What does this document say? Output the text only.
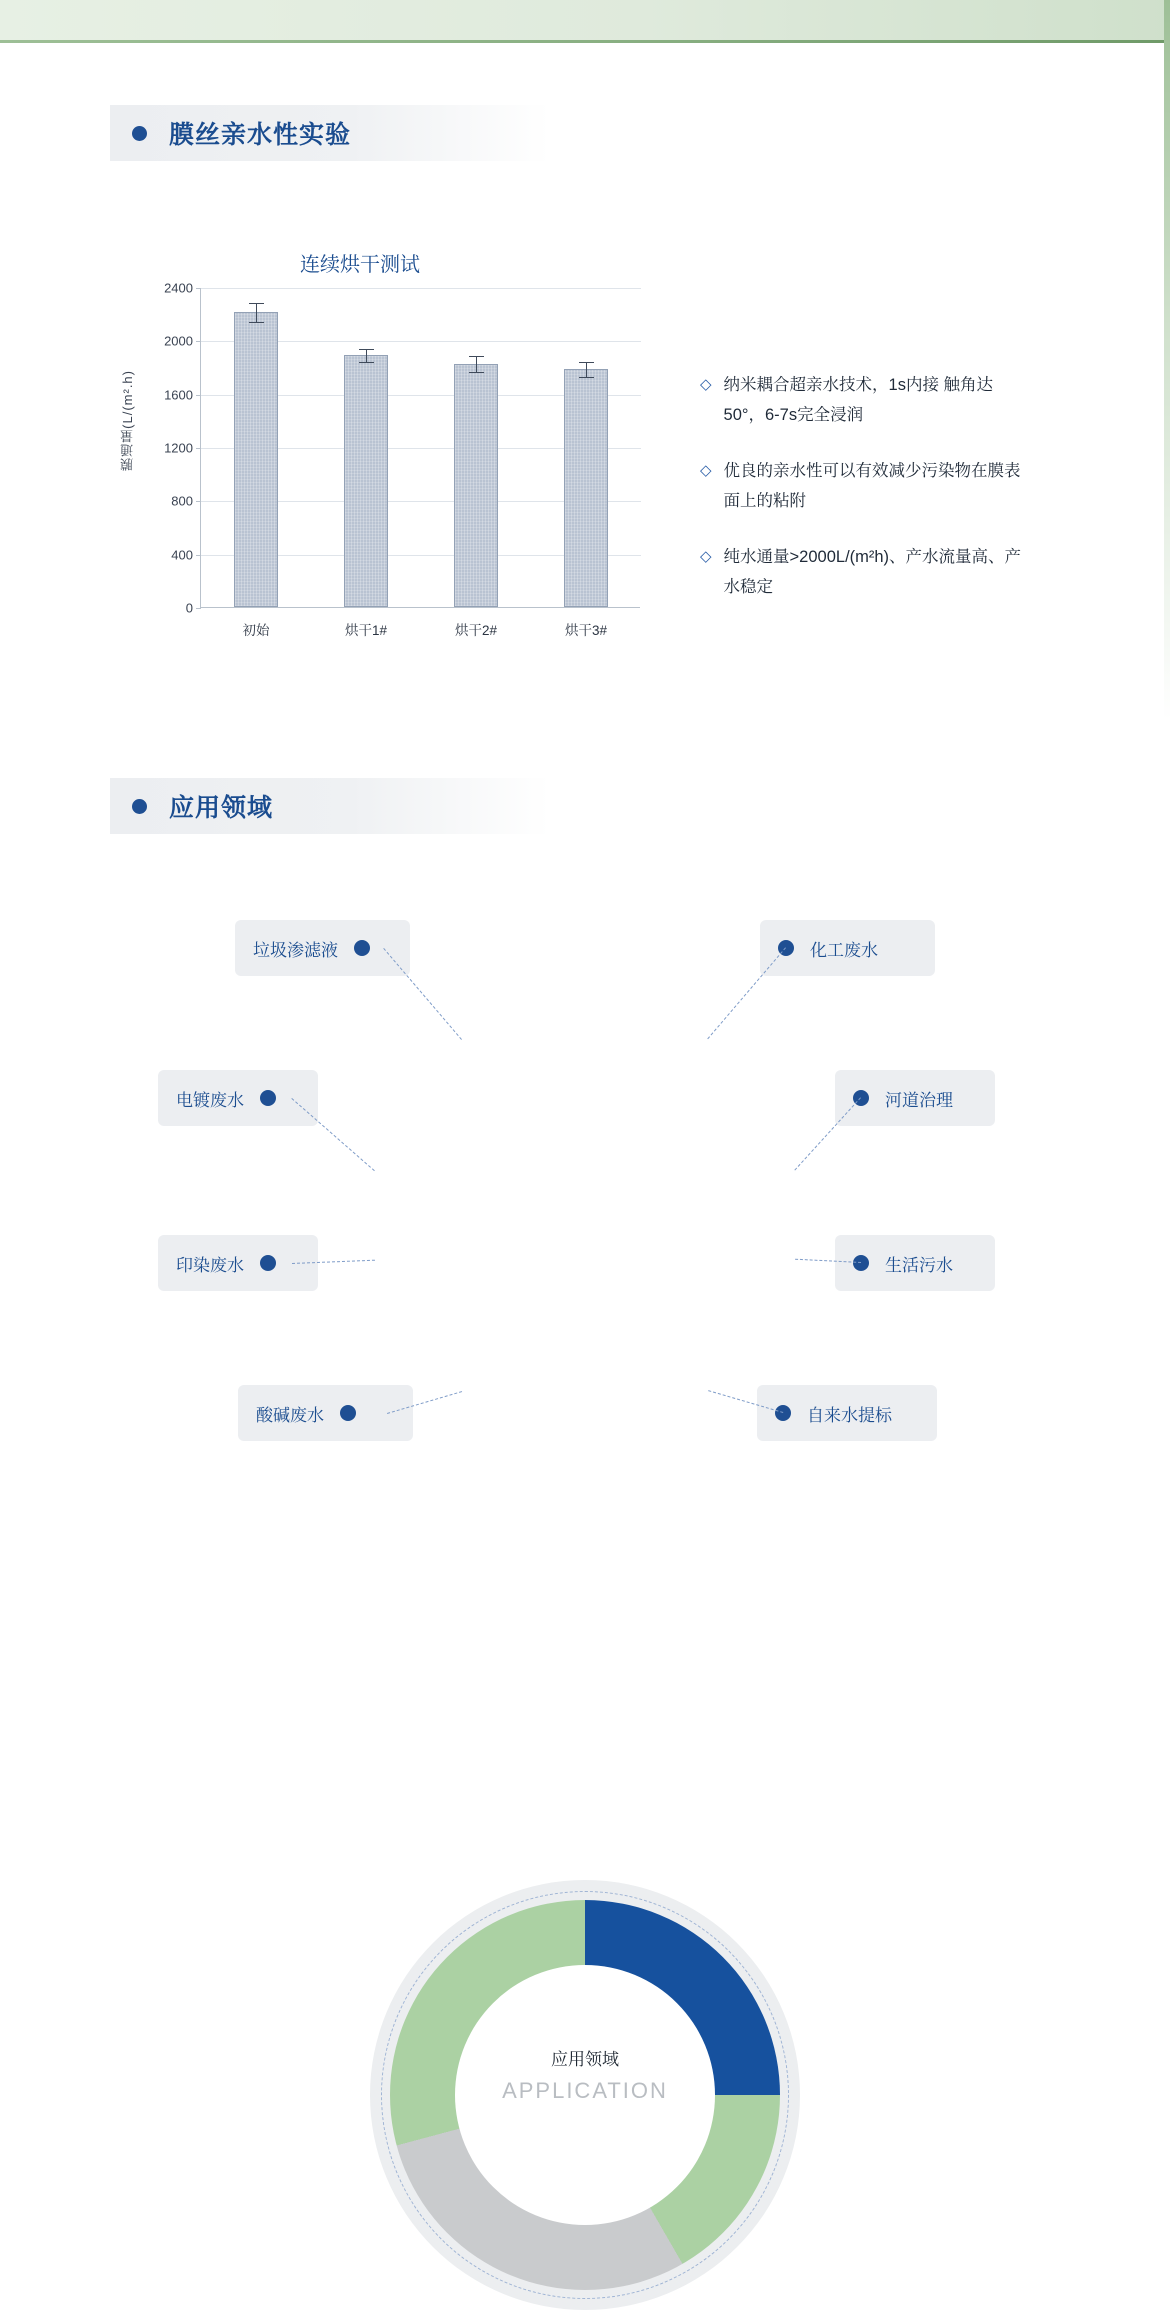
膜丝亲水性实验
连续烘干测试
膜通量(L/(m².h)
0
400
800
1200
1600
2000
2400
初始	烘干1#	烘干2#	烘干3#
◇ 纳米耦合超亲水技术，1s内接 触角达50°，6-7s完全浸润
◇ 优良的亲水性可以有效减少污染物在膜表面上的粘附
◇ 纯水通量>2000L/(m²h)、产水流量高、产水稳定
应用领域
应用领域
APPLICATION
垃圾渗滤液
电镀废水
印染废水
酸碱废水
化工废水
河道治理
生活污水
自来水提标
